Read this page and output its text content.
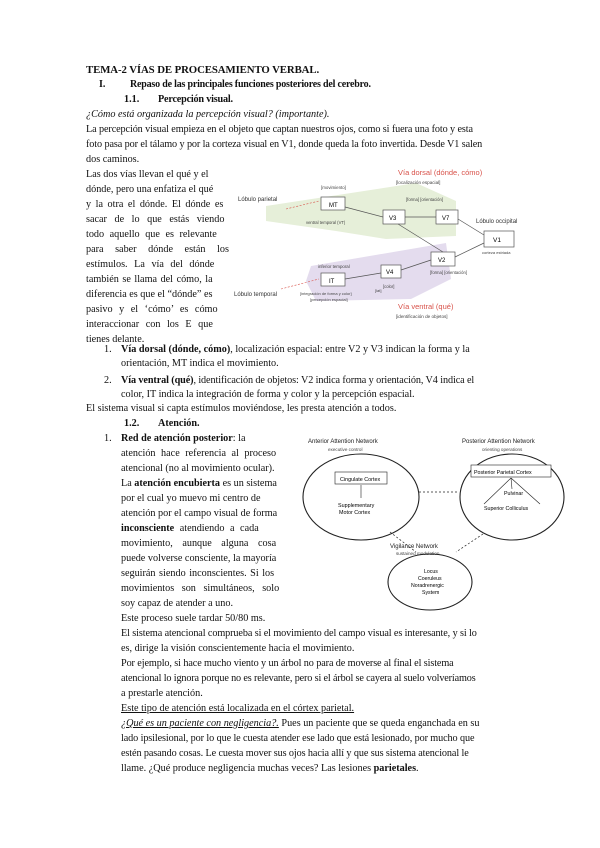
TEMA-2 VÍAS DE PROCESAMIENTO VERBAL.
I. Repaso de las principales funciones posteriores del cerebro.
1.1. Percepción visual.
¿Cómo está organizada la percepción visual? (importante).
La percepción visual empieza en el objeto que captan nuestros ojos, como si fuera una foto y esta
foto pasa por el tálamo y por la corteza visual en V1, donde queda la foto invertida. Desde V1 salen
dos caminos.
Las dos vías llevan el qué y el
dónde, pero una enfatiza el qué
y la otra el dónde. El dónde es
sacar de lo que estás viendo
todo aquello que es relevante
para saber dónde están los
estímulos. La vía del dónde
también se llama del cómo, la
diferencia es que el “dónde” es
pasivo y el ‘cómo’ es cómo
interaccionar con los E que
tienes delante.
Vía dorsal (dónde, cómo)
[localización espacial]
Vía ventral (qué)
[identificación de objetos]
Lóbulo parietal
Lóbulo temporal
Lóbulo occipital
MT
[movimiento]
ventral temporal (VT)
V3
[forma] [orientación]
V7
V1
corteza estriada
V2
[forma] [orientación]
V4
[color]
IT
inferior temporal
[integración de forma y color]
[percepción espacial]
[lat]
1. Vía dorsal (dónde, cómo), localización espacial: entre V2 y V3 indican la forma y la
orientación, MT indica el movimiento.
2. Vía ventral (qué), identificación de objetos: V2 indica forma y orientación, V4 indica el
color, IT indica la integración de forma y color y la percepción espacial.
El sistema visual si capta estímulos moviéndose, les presta atención a todos.
1.2. Atención.
1. Red de atención posterior: la
atención hace referencia al proceso
atencional (no al movimiento ocular).
La atención encubierta es un sistema
por el cual yo muevo mi centro de
atención por el campo visual de forma
inconsciente atendiendo a cada
movimiento, aunque alguna cosa
puede volverse consciente, la mayoría
seguirán siendo inconscientes. Si los
movimientos son simultáneos, solo
soy capaz de atender a uno.
Este proceso suele tardar 50/80 ms.
Anterior Attention Network
executive control
Posterior Attention Network
orienting operations
Cingulate Cortex
Supplementary
Motor Cortex
Posterior Parietal Cortex
Pulvinar
Superior Colliculus
Vigilance Network
sustained modulation
Locus
Coeruleus
Noradrenergic
System
El sistema atencional comprueba si el movimiento del campo visual es interesante, y si lo
es, dirige la visión conscientemente hacia el movimiento.
Por ejemplo, si hace mucho viento y un árbol no para de moverse al final el sistema
atencional lo ignora porque no es relevante, pero si el árbol se cayera al suelo volveríamos
a prestarle atención.
Este tipo de atención está localizada en el córtex parietal.
¿Qué es un paciente con negligencia?. Pues un paciente que se queda enganchada en su
lado ipsilesional, por lo que le cuesta atender ese lado que está lesionado, por mucho que
estén pasando cosas. Le cuesta mover sus ojos hacia allí y que sus sistema atencional le
llame. ¿Qué produce negligencia muchas veces? Las lesiones parietales.
